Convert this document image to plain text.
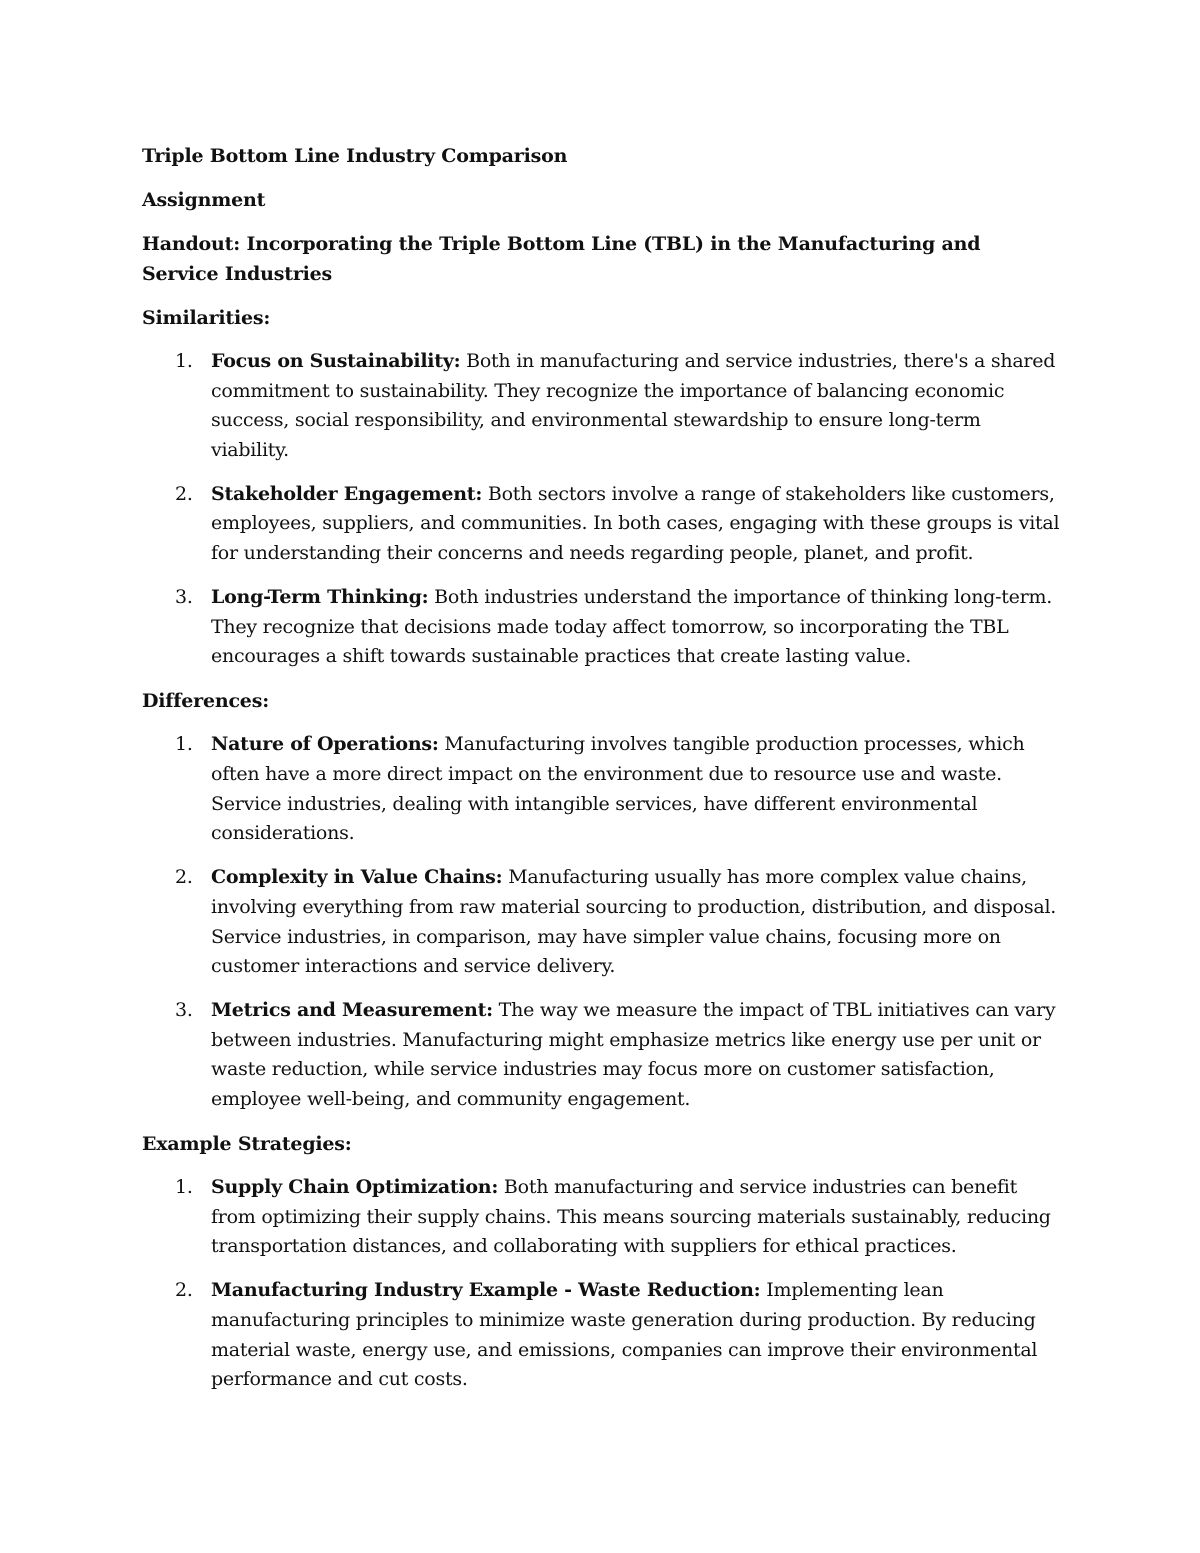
Triple Bottom Line Industry Comparison

Assignment

Handout: Incorporating the Triple Bottom Line (TBL) in the Manufacturing and Service Industries

Similarities:

1. Focus on Sustainability: Both in manufacturing and service industries, there's a shared commitment to sustainability. They recognize the importance of balancing economic success, social responsibility, and environmental stewardship to ensure long-term viability.
2. Stakeholder Engagement: Both sectors involve a range of stakeholders like customers, employees, suppliers, and communities. In both cases, engaging with these groups is vital for understanding their concerns and needs regarding people, planet, and profit.
3. Long-Term Thinking: Both industries understand the importance of thinking long-term. They recognize that decisions made today affect tomorrow, so incorporating the TBL encourages a shift towards sustainable practices that create lasting value.

Differences:

1. Nature of Operations: Manufacturing involves tangible production processes, which often have a more direct impact on the environment due to resource use and waste. Service industries, dealing with intangible services, have different environmental considerations.
2. Complexity in Value Chains: Manufacturing usually has more complex value chains, involving everything from raw material sourcing to production, distribution, and disposal. Service industries, in comparison, may have simpler value chains, focusing more on customer interactions and service delivery.
3. Metrics and Measurement: The way we measure the impact of TBL initiatives can vary between industries. Manufacturing might emphasize metrics like energy use per unit or waste reduction, while service industries may focus more on customer satisfaction, employee well-being, and community engagement.

Example Strategies:

1. Supply Chain Optimization: Both manufacturing and service industries can benefit from optimizing their supply chains. This means sourcing materials sustainably, reducing transportation distances, and collaborating with suppliers for ethical practices.
2. Manufacturing Industry Example - Waste Reduction: Implementing lean manufacturing principles to minimize waste generation during production. By reducing material waste, energy use, and emissions, companies can improve their environmental performance and cut costs.
